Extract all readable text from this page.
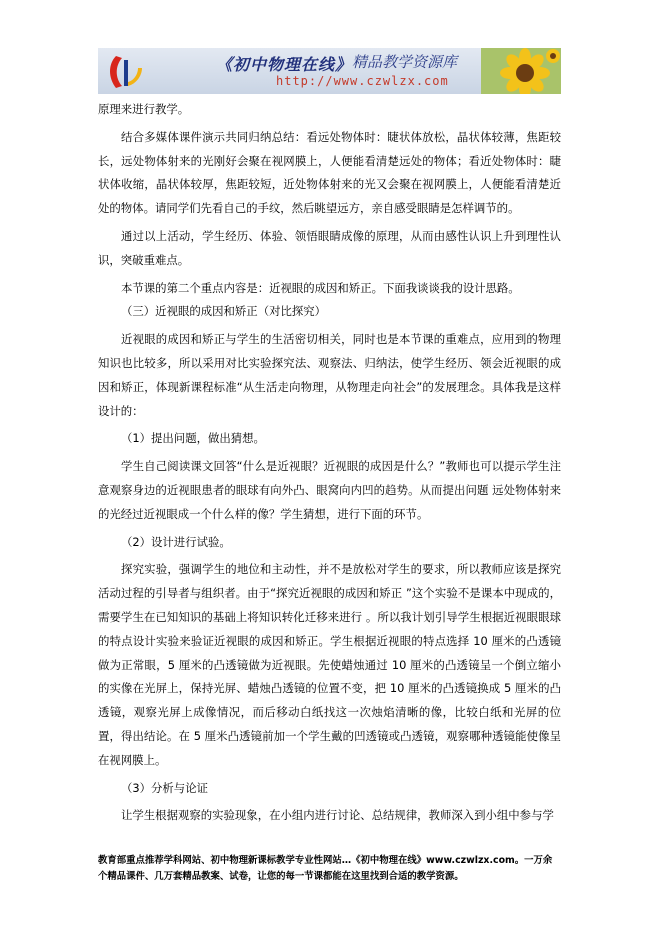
《初中物理在线》 精品教学资源库
http://www.czwlzx.com

原理来进行教学。

结合多媒体课件演示共同归纳总结：看远处物体时：睫状体放松，晶状体较薄，焦距较长，远处物体射来的光刚好会聚在视网膜上，人便能看清楚远处的物体；看近处物体时：睫状体收缩，晶状体较厚，焦距较短，近处物体射来的光又会聚在视网膜上，人便能看清楚近处的物体。请同学们先看自己的手纹，然后眺望远方，亲自感受眼睛是怎样调节的。

通过以上活动，学生经历、体验、领悟眼睛成像的原理，从而由感性认识上升到理性认识，突破重难点。

本节课的第二个重点内容是：近视眼的成因和矫正。下面我谈谈我的设计思路。

（三）近视眼的成因和矫正（对比探究）

近视眼的成因和矫正与学生的生活密切相关，同时也是本节课的重难点，应用到的物理知识也比较多，所以采用对比实验探究法、观察法、归纳法，使学生经历、领会近视眼的成因和矫正，体现新课程标准“从生活走向物理，从物理走向社会”的发展理念。具体我是这样设计的：

（1）提出问题，做出猜想。

学生自己阅读课文回答“什么是近视眼？近视眼的成因是什么？”教师也可以提示学生注意观察身边的近视眼患者的眼球有向外凸、眼窝向内凹的趋势。从而提出问题 远处物体射来的光经过近视眼成一个什么样的像？学生猜想，进行下面的环节。

（2）设计进行试验。

探究实验，强调学生的地位和主动性，并不是放松对学生的要求，所以教师应该是探究活动过程的引导者与组织者。由于“探究近视眼的成因和矫正 ”这个实验不是课本中现成的，需要学生在已知知识的基础上将知识转化迁移来进行 。所以我计划引导学生根据近视眼眼球的特点设计实验来验证近视眼的成因和矫正。学生根据近视眼的特点选择 10 厘米的凸透镜做为正常眼，5 厘米的凸透镜做为近视眼。先使蜡烛通过 10 厘米的凸透镜呈一个倒立缩小的实像在光屏上，保持光屏、蜡烛凸透镜的位置不变，把 10 厘米的凸透镜换成 5 厘米的凸透镜，观察光屏上成像情况，而后移动白纸找这一次烛焰清晰的像，比较白纸和光屏的位置，得出结论。在 5 厘米凸透镜前加一个学生戴的凹透镜或凸透镜，观察哪种透镜能使像呈在视网膜上。

（3）分析与论证

让学生根据观察的实验现象，在小组内进行讨论、总结规律，教师深入到小组中参与学

教育部重点推荐学科网站、初中物理新课标教学专业性网站…《初中物理在线》www.czwlzx.com。一万余个精品课件、几万套精品教案、试卷，让您的每一节课都能在这里找到合适的教学资源。
